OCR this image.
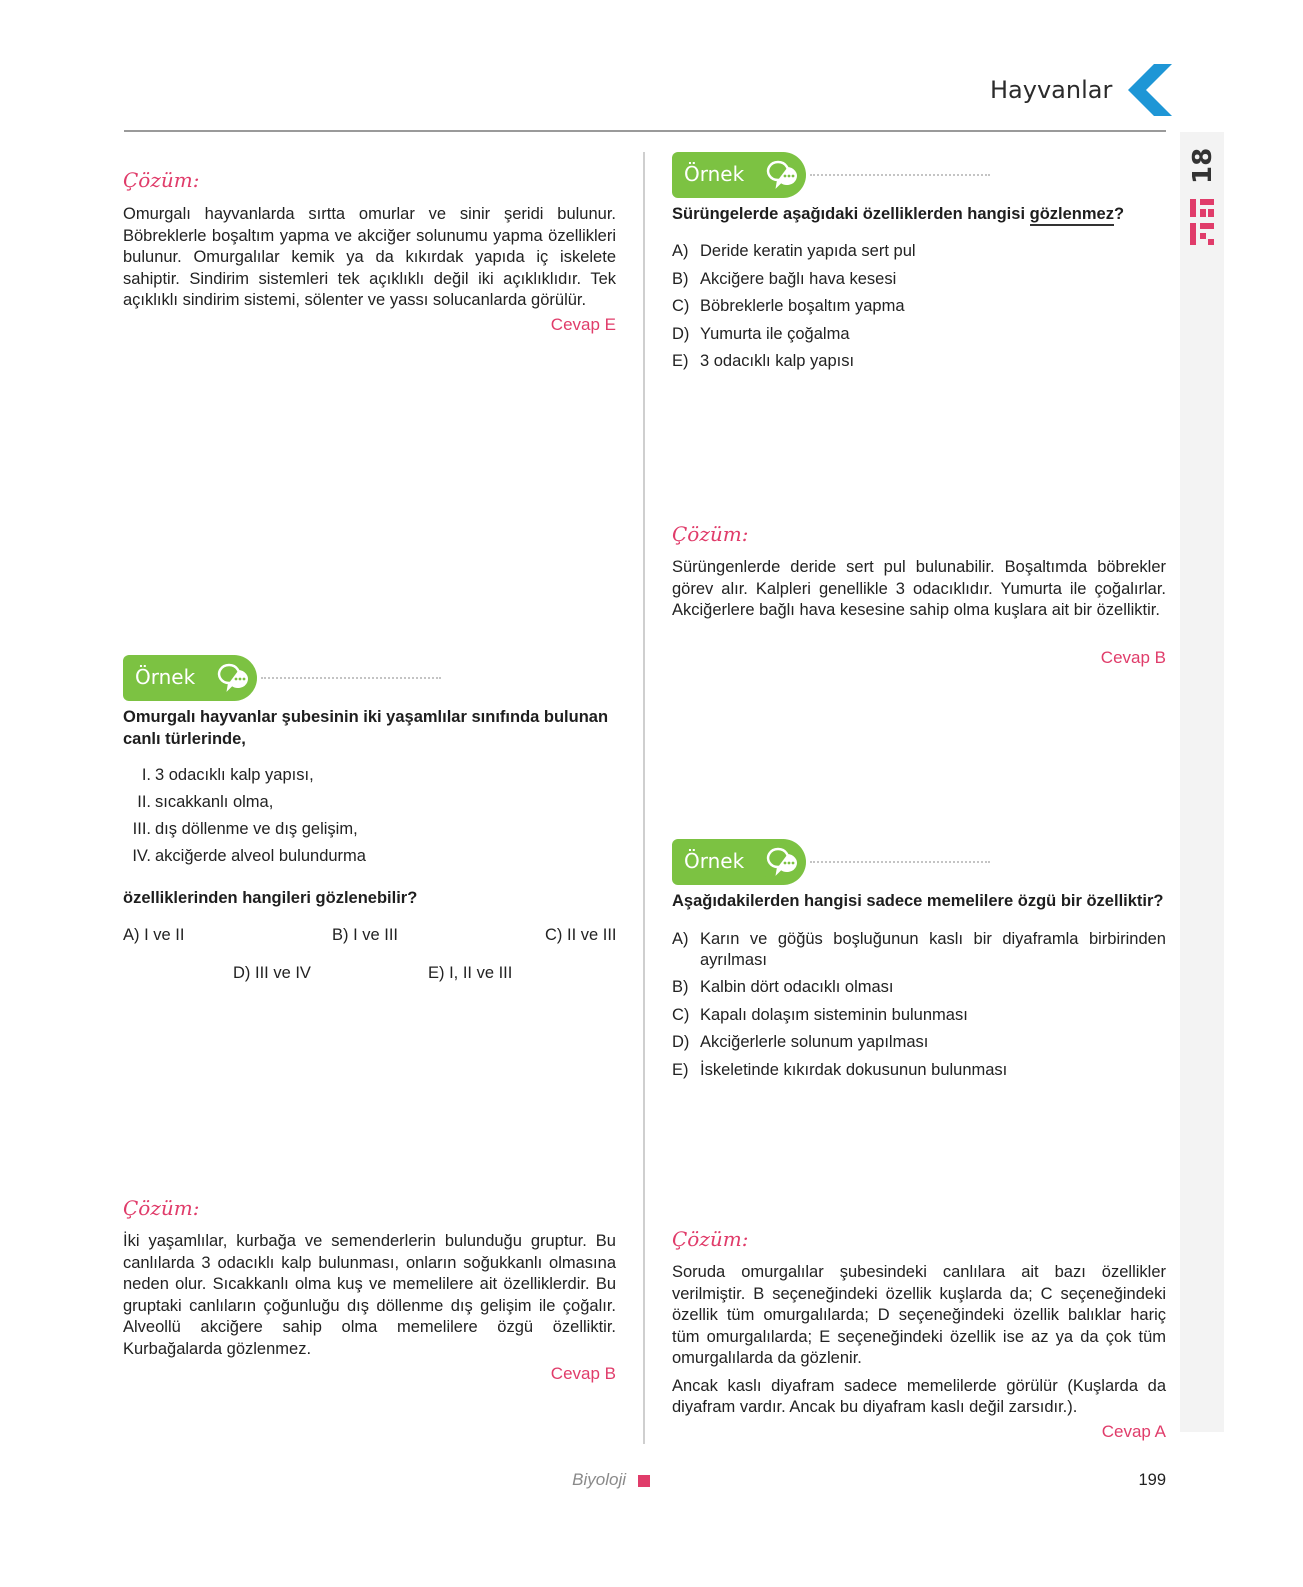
Hayvanlar
18
Çözüm:
Omurgalı hayvanlarda sırtta omurlar ve sinir şeridi bulunur. Böbreklerle boşaltım yapma ve akciğer solunumu yapma özellikleri bulunur. Omurgalılar kemik ya da kıkırdak yapıda iç iskelete sahiptir. Sindirim sistemleri tek açıklıklı değil iki açıklıklıdır. Tek açıklıklı sindirim sistemi, sölenter ve yassı solucanlarda görülür.
Cevap E
Örnek
Omurgalı hayvanlar şubesinin iki yaşamlılar sınıfında bulunan canlı türlerinde,
I. 3 odacıklı kalp yapısı,
II. sıcakkanlı olma,
III. dış döllenme ve dış gelişim,
IV. akciğerde alveol bulundurma
özelliklerinden hangileri gözlenebilir?
A) I ve II	B) I ve III	C) II ve III
D) III ve IV	E) I, II ve III
Çözüm:
İki yaşamlılar, kurbağa ve semenderlerin bulunduğu gruptur. Bu canlılarda 3 odacıklı kalp bulunması, onların soğukkanlı olmasına neden olur. Sıcakkanlı olma kuş ve memelilere ait özelliklerdir. Bu gruptaki canlıların çoğunluğu dış döllenme dış gelişim ile çoğalır. Alveollü akciğere sahip olma memelilere özgü özelliktir. Kurbağalarda gözlenmez.
Cevap B
Örnek
Sürüngelerde aşağıdaki özelliklerden hangisi gözlenmez?
A) Deride keratin yapıda sert pul
B) Akciğere bağlı hava kesesi
C) Böbreklerle boşaltım yapma
D) Yumurta ile çoğalma
E) 3 odacıklı kalp yapısı
Çözüm:
Sürüngenlerde deride sert pul bulunabilir. Boşaltımda böbrekler görev alır. Kalpleri genellikle 3 odacıklıdır. Yumurta ile çoğalırlar. Akciğerlere bağlı hava kesesine sahip olma kuşlara ait bir özelliktir.
Cevap B
Örnek
Aşağıdakilerden hangisi sadece memelilere özgü bir özelliktir?
A) Karın ve göğüs boşluğunun kaslı bir diyaframla birbirinden ayrılması
B) Kalbin dört odacıklı olması
C) Kapalı dolaşım sisteminin bulunması
D) Akciğerlerle solunum yapılması
E) İskeletinde kıkırdak dokusunun bulunması
Çözüm:

Soruda omurgalılar şubesindeki canlılara ait bazı özellikler verilmiştir. B seçeneğindeki özellik kuşlarda da; C seçeneğindeki özellik tüm omurgalılarda; D seçeneğindeki özellik balıklar hariç tüm omurgalılarda; E seçeneğindeki özellik ise az ya da çok tüm omurgalılarda da gözlenir.

Ancak kaslı diyafram sadece memelilerde görülür (Kuşlarda da diyafram vardır. Ancak bu diyafram kaslı değil zarsıdır.).

Cevap A
Biyoloji	199
